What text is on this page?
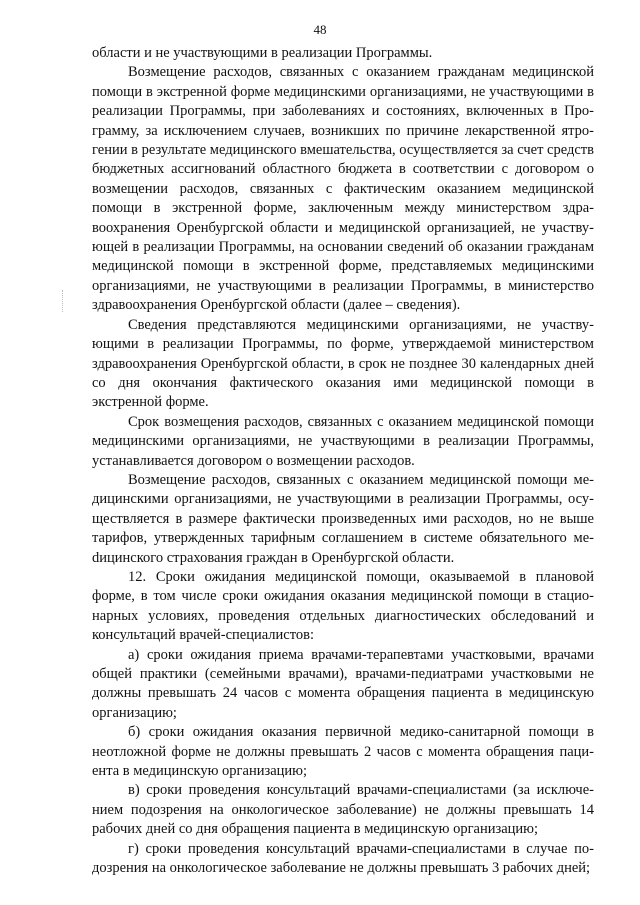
48

области и не участвующими в реализации Программы.

Возмещение расходов, связанных с оказанием гражданам медицинской помощи в экстренной форме медицинскими организациями, не участвующими в реализации Программы, при заболеваниях и состояниях, включенных в Программу, за исключением случаев, возникших по причине лекарственной ятрогении в результате медицинского вмешательства, осуществляется за счет средств бюджетных ассигнований областного бюджета в соответствии с договором о возмещении расходов, связанных с фактическим оказанием медицинской помощи в экстренной форме, заключенным между министерством здравоохранения Оренбургской области и медицинской организацией, не участвующей в реализации Программы, на основании сведений об оказании гражданам медицинской помощи в экстренной форме, представляемых медицинскими организациями, не участвующими в реализации Программы, в министерство здравоохранения Оренбургской области (далее – сведения).

Сведения представляются медицинскими организациями, не участвующими в реализации Программы, по форме, утверждаемой министерством здравоохранения Оренбургской области, в срок не позднее 30 календарных дней со дня окончания фактического оказания ими медицинской помощи в экстренной форме.

Срок возмещения расходов, связанных с оказанием медицинской помощи медицинскими организациями, не участвующими в реализации Программы, устанавливается договором о возмещении расходов.

Возмещение расходов, связанных с оказанием медицинской помощи медицинскими организациями, не участвующими в реализации Программы, осуществляется в размере фактически произведенных ими расходов, но не выше тарифов, утвержденных тарифным соглашением в системе обязательного меdицинского страхования граждан в Оренбургской области.

12. Сроки ожидания медицинской помощи, оказываемой в плановой форме, в том числе сроки ожидания оказания медицинской помощи в стационарных условиях, проведения отдельных диагностических обследований и консультаций врачей-специалистов:

а) сроки ожидания приема врачами-терапевтами участковыми, врачами общей практики (семейными врачами), врачами-педиатрами участковыми не должны превышать 24 часов с момента обращения пациента в медицинскую организацию;

б) сроки ожидания оказания первичной медико-санитарной помощи в неотложной форме не должны превышать 2 часов с момента обращения пациента в медицинскую организацию;

в) сроки проведения консультаций врачами-специалистами (за исключением подозрения на онкологическое заболевание) не должны превышать 14 рабочих дней со дня обращения пациента в медицинскую организацию;

г) сроки проведения консультаций врачами-специалистами в случае подозрения на онкологическое заболевание не должны превышать 3 рабочих дней;
